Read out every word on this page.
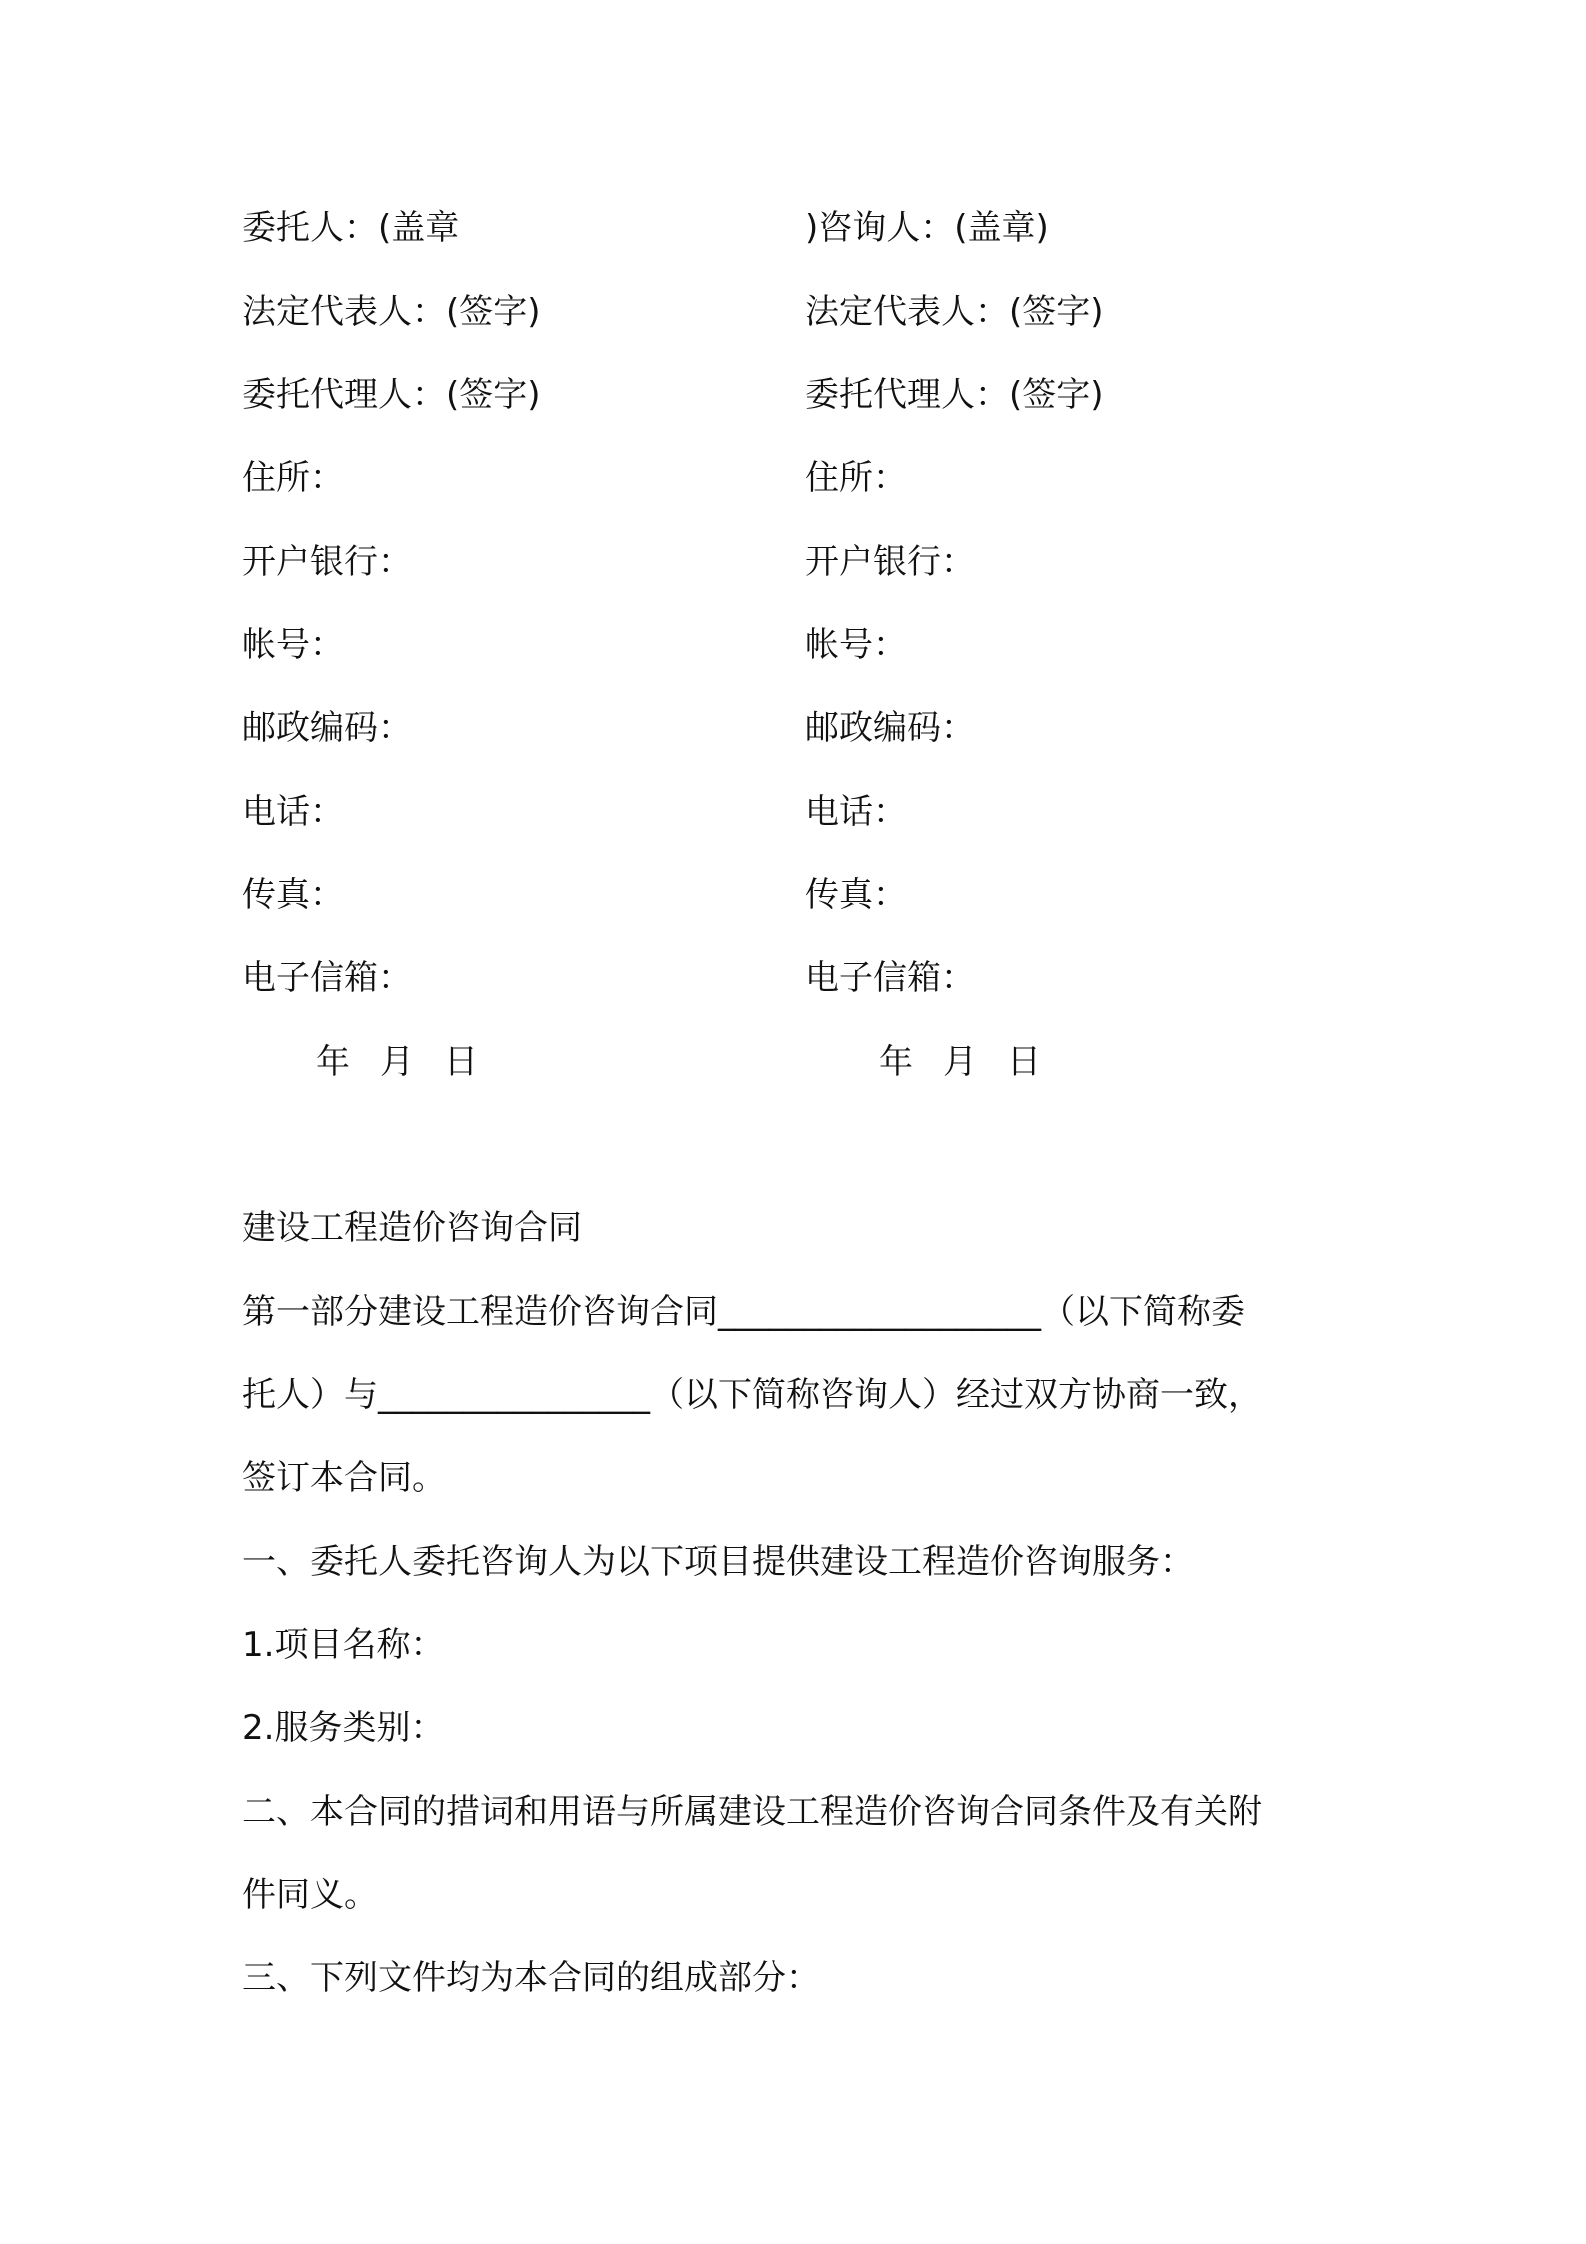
委托人：(盖章	)咨询人：(盖章)
法定代表人：(签字)	法定代表人：(签字)
委托代理人：(签字)	委托代理人：(签字)
住所：	住所：
开户银行：	开户银行：
帐号：	帐号：
邮政编码：	邮政编码：
电话：	电话：
传真：	传真：
电子信箱：	电子信箱：
年 月 日	年 月 日
建设工程造价咨询合同
第一部分建设工程造价咨询合同___________________（以下简称委
托人）与________________（以下简称咨询人）经过双方协商一致，
签订本合同。
一、委托人委托咨询人为以下项目提供建设工程造价咨询服务：
1.项目名称：
2.服务类别：
二、本合同的措词和用语与所属建设工程造价咨询合同条件及有关附
件同义。
三、下列文件均为本合同的组成部分：
